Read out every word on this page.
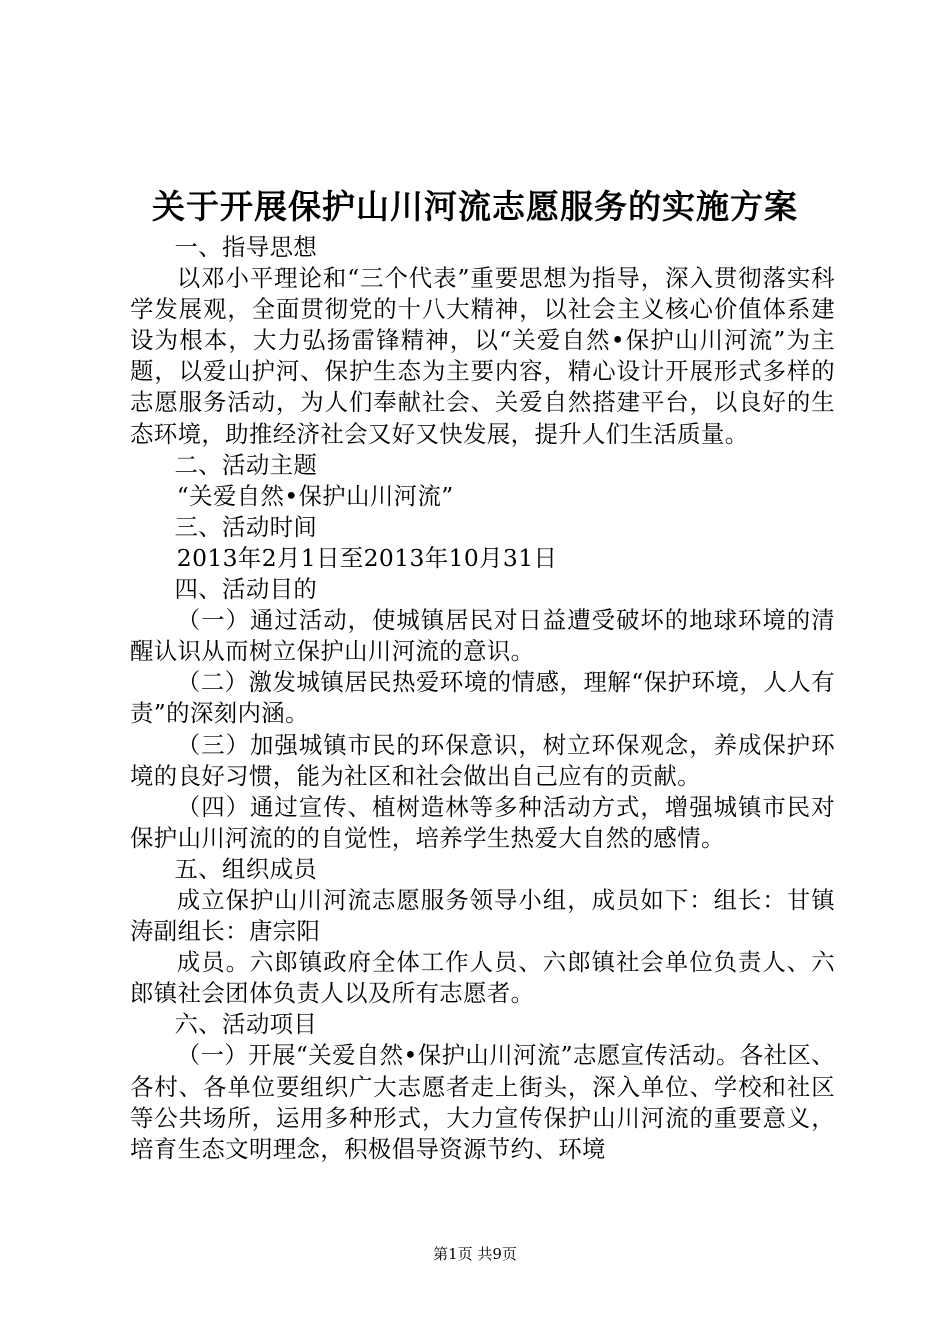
关于开展保护山川河流志愿服务的实施方案

一、指导思想

以邓小平理论和“三个代表”重要思想为指导，深入贯彻落实科学发展观，全面贯彻党的十八大精神，以社会主义核心价值体系建设为根本，大力弘扬雷锋精神，以“关爱自然•保护山川河流”为主题，以爱山护河、保护生态为主要内容，精心设计开展形式多样的志愿服务活动，为人们奉献社会、关爱自然搭建平台，以良好的生态环境，助推经济社会又好又快发展，提升人们生活质量。

二、活动主题

“关爱自然•保护山川河流”

三、活动时间

2013年2月1日至2013年10月31日

四、活动目的

（一）通过活动，使城镇居民对日益遭受破坏的地球环境的清醒认识从而树立保护山川河流的意识。

（二）激发城镇居民热爱环境的情感，理解“保护环境，人人有责”的深刻内涵。

（三）加强城镇市民的环保意识，树立环保观念，养成保护环境的良好习惯，能为社区和社会做出自己应有的贡献。

（四）通过宣传、植树造林等多种活动方式，增强城镇市民对保护山川河流的的自觉性，培养学生热爱大自然的感情。

五、组织成员

成立保护山川河流志愿服务领导小组，成员如下：组长：甘镇涛副组长：唐宗阳

成员。六郎镇政府全体工作人员、六郎镇社会单位负责人、六郎镇社会团体负责人以及所有志愿者。

六、活动项目

（一）开展“关爱自然•保护山川河流”志愿宣传活动。各社区、各村、各单位要组织广大志愿者走上街头，深入单位、学校和社区等公共场所，运用多种形式，大力宣传保护山川河流的重要意义，培育生态文明理念，积极倡导资源节约、环境

第1页 共9页
